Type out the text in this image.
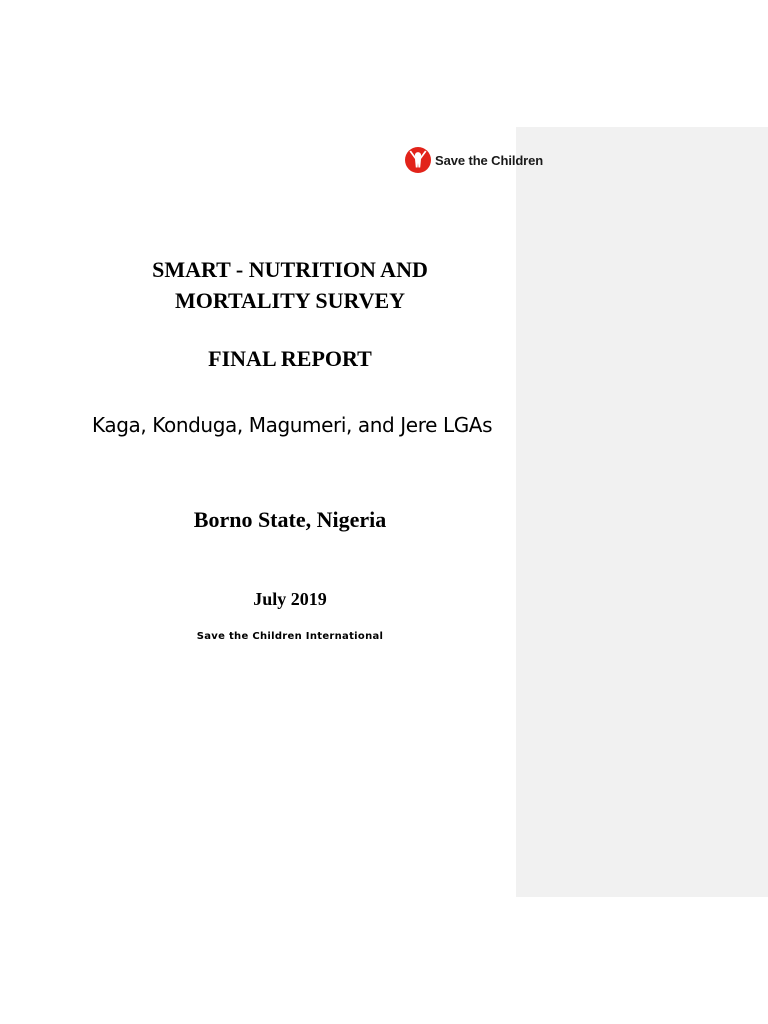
Save the Children
SMART - NUTRITION AND
MORTALITY SURVEY
FINAL REPORT

Kaga, Konduga, Magumeri, and Jere LGAs

Borno State, Nigeria

July 2019

Save the Children International
